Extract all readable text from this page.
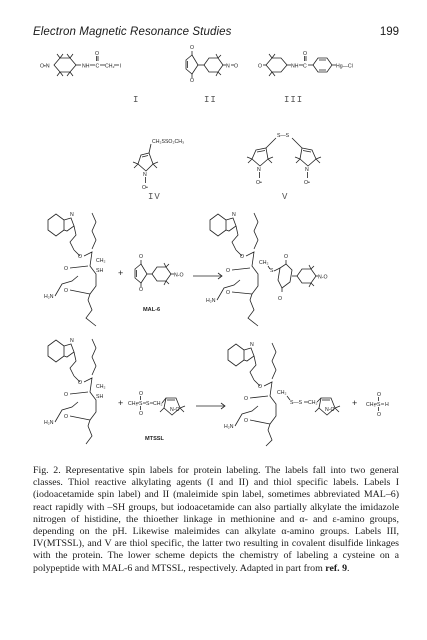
Electron Magnetic Resonance Studies	199
O•N	NH C
O
CH₂ I
O
O
N O	O	NH C
O
Hg—Cl
I	II	III
CH₂SSO₂CH₃
N
O•
S—S
N
O•
N
O•
IV	V
N
O
O
CH₂
SH
O
H₂N
+
O
O
N-O
MAL-6
N
O
O
CH₂
S
O
O
N-O
O
H₂N
N
O
O
CH₂
SH
O
H₂N
+ CH₃ S
O
O
S CH₂
N-O
MTSSL
N
O
O
CH₂
S—S CH₂
N-O
O
H₂N
+ CH₃ S
O
O
H

Fig. 2. Representative spin labels for protein labeling. The labels fall into two general classes. Thiol reactive alkylating agents (I and II) and thiol specific labels. Labels I (iodoacetamide spin label) and II (maleimide spin label, sometimes abbreviated MAL–6) react rapidly with –SH groups, but iodoacetamide can also partially alkylate the imidazole nitrogen of histidine, the thioether linkage in methionine and α- and ε-amino groups, depending on the pH. Likewise maleimides can alkylate α-amino groups. Labels III, IV(MTSSL), and V are thiol specific, the latter two resulting in covalent disulfide linkages with the protein. The lower scheme depicts the chemistry of labeling a cysteine on a polypeptide with MAL-6 and MTSSL, respectively. Adapted in part from ref. 9.
